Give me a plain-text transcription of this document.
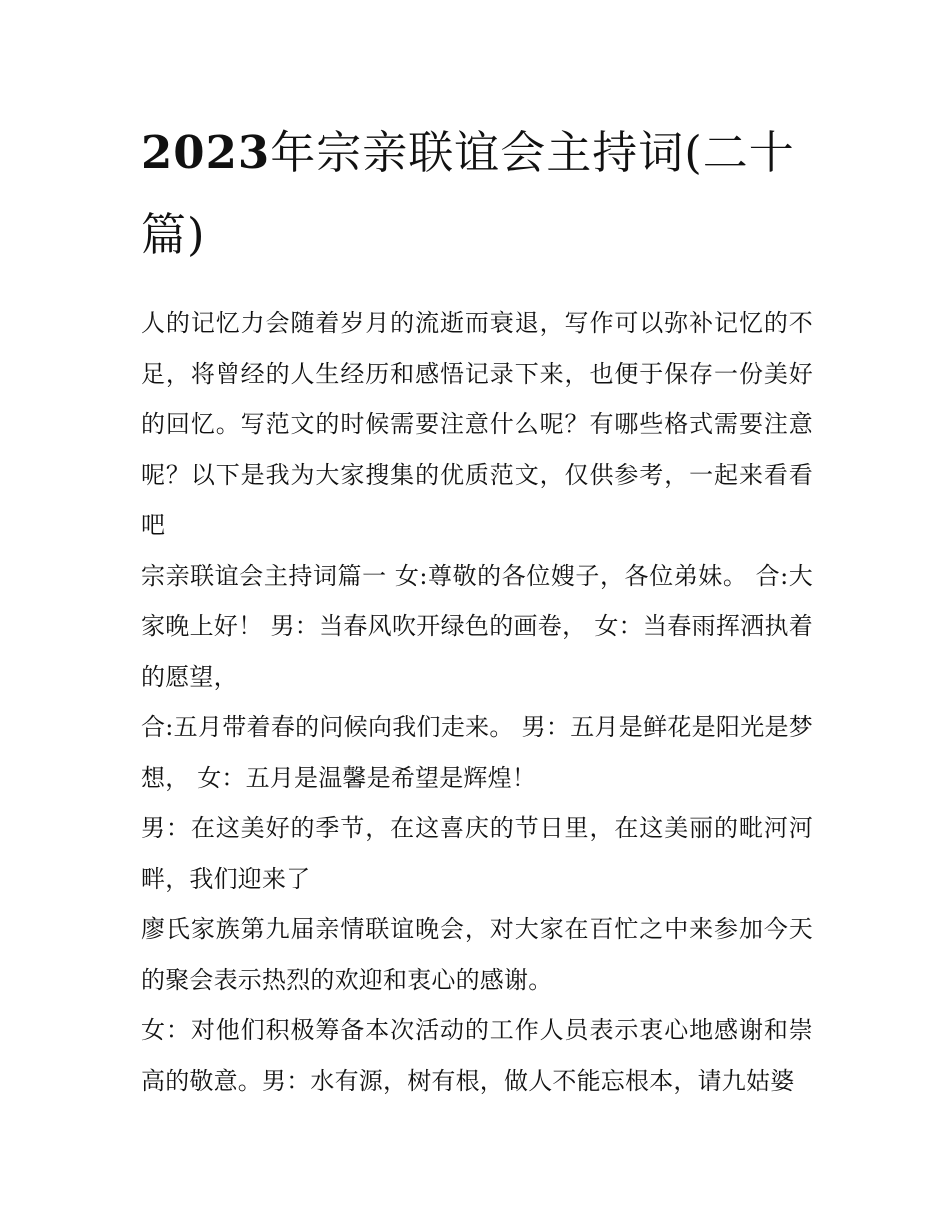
2023年宗亲联谊会主持词(二十篇)

人的记忆力会随着岁月的流逝而衰退，写作可以弥补记忆的不足，将曾经的人生经历和感悟记录下来，也便于保存一份美好的回忆。写范文的时候需要注意什么呢？有哪些格式需要注意呢？以下是我为大家搜集的优质范文，仅供参考，一起来看看吧

宗亲联谊会主持词篇一 女:尊敬的各位嫂子，各位弟妹。 合:大家晚上好！ 男：当春风吹开绿色的画卷， 女：当春雨挥洒执着的愿望，

合:五月带着春的问候向我们走来。 男：五月是鲜花是阳光是梦想， 女：五月是温馨是希望是辉煌！

男：在这美好的季节，在这喜庆的节日里，在这美丽的毗河河畔，我们迎来了

廖氏家族第九届亲情联谊晚会，对大家在百忙之中来参加今天的聚会表示热烈的欢迎和衷心的感谢。

女：对他们积极筹备本次活动的工作人员表示衷心地感谢和崇高的敬意。男：水有源，树有根，做人不能忘根本，请九姑婆
